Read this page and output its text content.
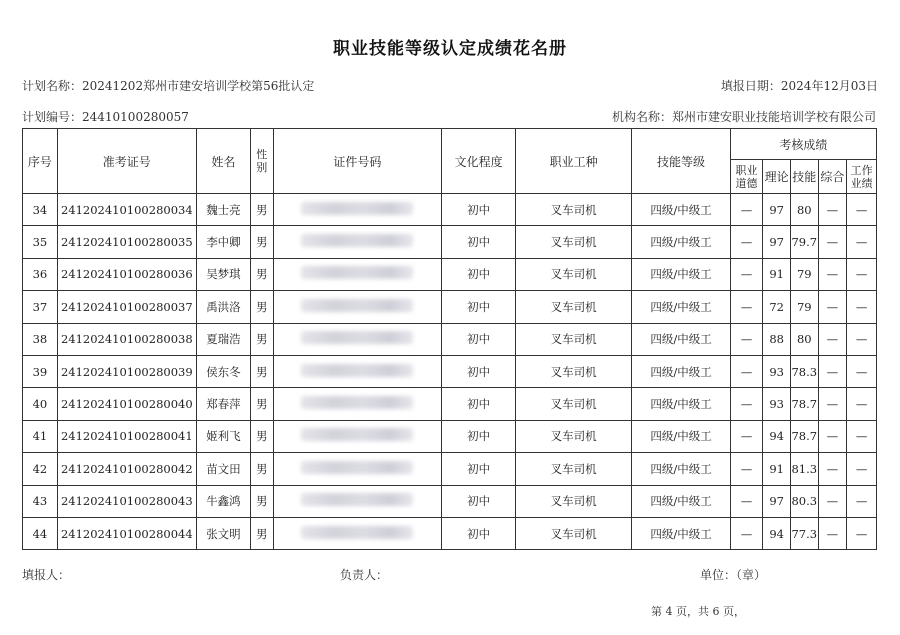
职业技能等级认定成绩花名册
计划名称：20241202郑州市建安培训学校第56批认定	填报日期：2024年12月03日
计划编号：24410100280057	机构名称：郑州市建安职业技能培训学校有限公司
序号	准考证号	姓名	性别	证件号码	文化程度	职业工种	技能等级	考核成绩				
								职业道德	理论	技能	综合	工作业绩
34	241202410100280034	魏士亮	男		初中	叉车司机	四级/中级工	—	97	80	—	—
35	241202410100280035	李中卿	男		初中	叉车司机	四级/中级工	—	97	79.7	—	—
36	241202410100280036	吴梦琪	男		初中	叉车司机	四级/中级工	—	91	79	—	—
37	241202410100280037	禹洪洛	男		初中	叉车司机	四级/中级工	—	72	79	—	—
38	241202410100280038	夏瑞浩	男		初中	叉车司机	四级/中级工	—	88	80	—	—
39	241202410100280039	侯东冬	男		初中	叉车司机	四级/中级工	—	93	78.3	—	—
40	241202410100280040	郑春萍	男		初中	叉车司机	四级/中级工	—	93	78.7	—	—
41	241202410100280041	姬利飞	男		初中	叉车司机	四级/中级工	—	94	78.7	—	—
42	241202410100280042	苗文田	男		初中	叉车司机	四级/中级工	—	91	81.3	—	—
43	241202410100280043	牛鑫鸿	男		初中	叉车司机	四级/中级工	—	97	80.3	—	—
44	241202410100280044	张文明	男		初中	叉车司机	四级/中级工	—	94	77.3	—	—
填报人：	负责人：	单位：（章）
第 4 页，共 6 页，
